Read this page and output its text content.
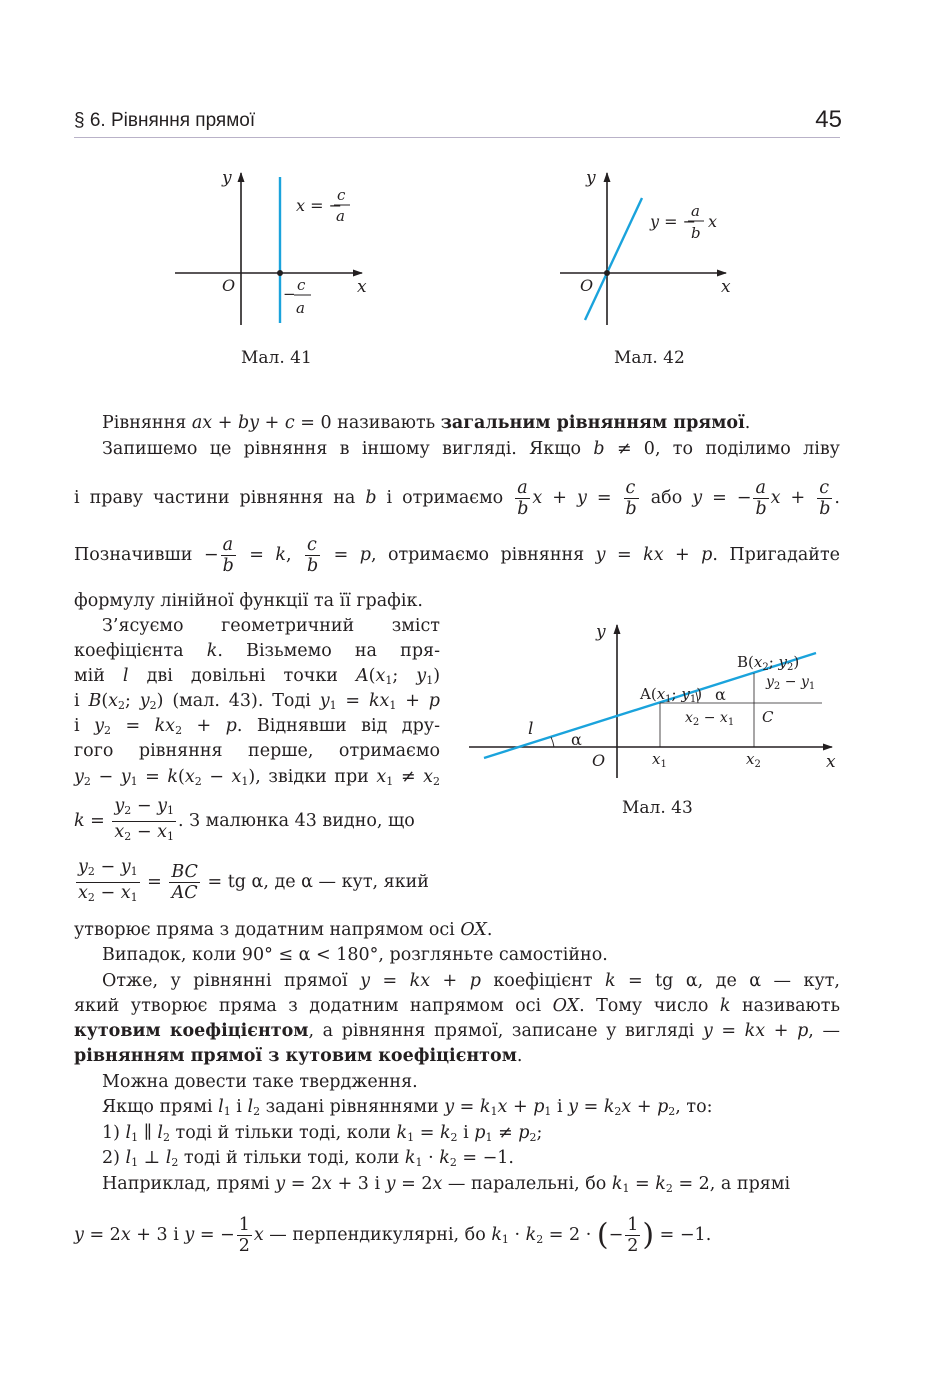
§ 6. Рівняння прямої	45
y
x
O
x = −
c
a
− c
a
Мал. 41
y
x
O
y = −
a
b
x
Мал. 42
Рівняння ax + by + c = 0 називають загальним рівнянням прямої.
Запишемо це рівняння в іншому вигляді. Якщо b ≠ 0, то поділимо ліву
і праву частини рівняння на b і отримаємо $\frac{a}{b}$ $x + y = \frac{c}{b}$ або y = − $\frac{a}{b}$ $x + \frac{c}{b}$ .
Позначивши − $\frac{a}{b} = k$, $\frac{c}{b} = p$, отримаємо рівняння y = kx + p. Пригадайте
формулу лінійної функції та її графік.
З’ясуємо геометричний зміст
коефіцієнта k. Візьмемо на пря-
мій l дві довільні точки $A(x_1$; $y_1$)
і $B(x_2$; $y_2$) (мал. 43). Тоді $y_1 = kx_1 + p$
і $y_2 = kx_2 + p$. Віднявши від дру-
гого рівняння перше, отримаємо
$y_2 - y_1 = k(x_2 - x_1)$, звідки при $x_1 \ne x_2$
$k = \frac{y_2 - y_1}{x_2 - x_1}$ . З малюнка 43 видно, що
$\frac{y_2 - y_1}{x_2 - x_1} = \frac{BC}{AC}$ = tg α, де α — кут, який
y
x
O
l
α
α
$A(x_1$; $y_1$)
$B(x_2$; $y_2$)
$y_2 - y_1$
$x_2 - x_1$ C
$x_1$	$x_2$
Мал. 43
утворює пряма з додатним напрямом осі OX.
Випадок, коли 90° ≤ α < 180°, розгляньте самостійно.
Отже, у рівнянні прямої y = kx + p коефіцієнт k = tg α, де α — кут,
який утворює пряма з додатним напрямом осі OX. Тому число k називають
кутовим коефіцієнтом, а рівняння прямої, записане у вигляді y = kx + p, —
рівнянням прямої з кутовим коефіцієнтом.
Можна довести таке твердження.
Якщо прямі $l_1$ і $l_2$ задані рівняннями $y = k_1x + p_1$ і $y = k_2x + p_2$, то:
1) $l_1$ ∥ $l_2$ тоді й тільки тоді, коли $k_1 = k_2$ і $p_1 \ne p_2$;
2) $l_1$ ⊥ $l_2$ тоді й тільки тоді, коли $k_1 \cdot k_2 = -1$.
Наприклад, прямі y = 2x + 3 і y = 2x — паралельні, бо $k_1 = k_2 = 2$, а прямі
y = 2x + 3 і y = − $\frac{1}{2}$ x — перпендикулярні, бо $k_1 \cdot k_2 = 2$ · (− $\frac{1}{2}$ ) = −1.
